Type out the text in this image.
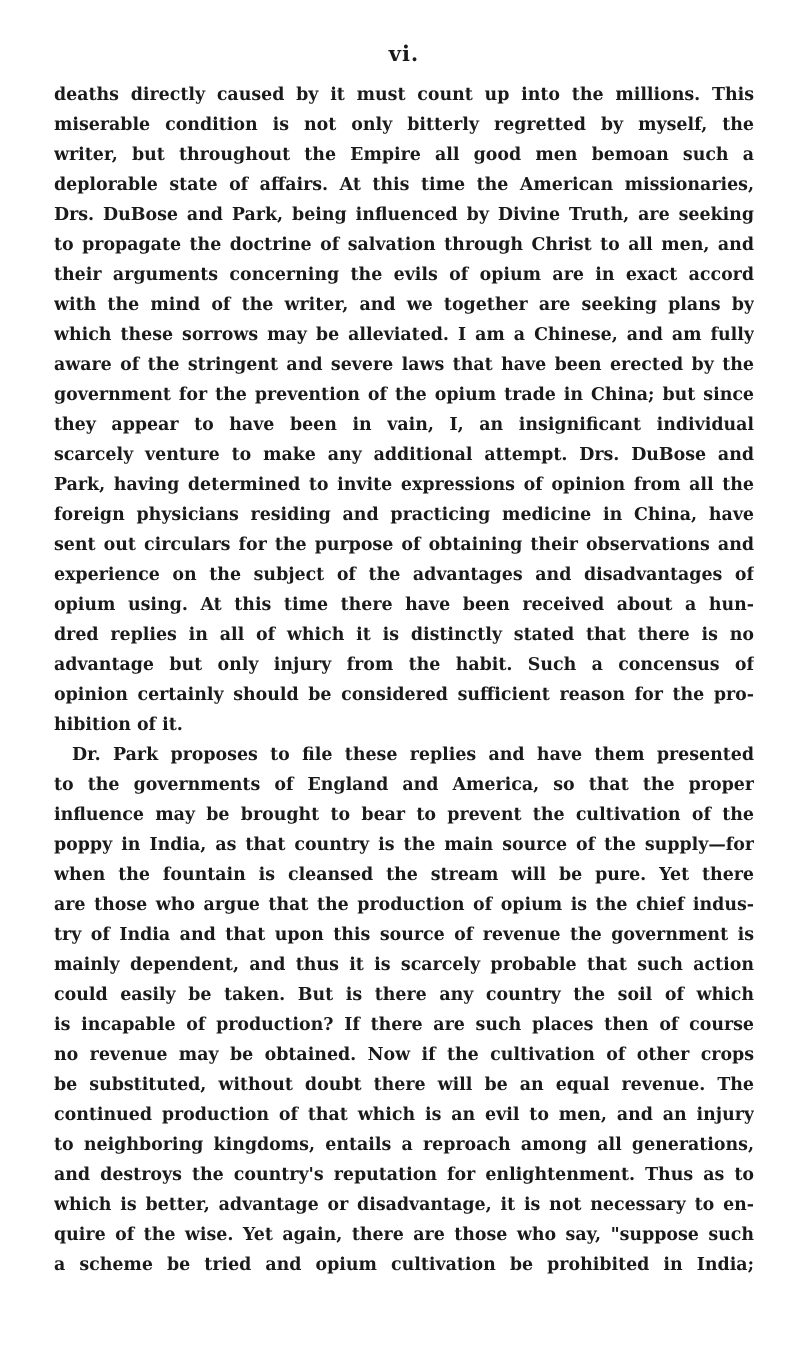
vi.
deaths directly caused by it must count up into the millions. This
miserable condition is not only bitterly regretted by myself, the
writer, but throughout the Empire all good men bemoan such a
deplorable state of affairs. At this time the American missionaries,
Drs. DuBose and Park, being influenced by Divine Truth, are seeking
to propagate the doctrine of salvation through Christ to all men, and
their arguments concerning the evils of opium are in exact accord
with the mind of the writer, and we together are seeking plans by
which these sorrows may be alleviated. I am a Chinese, and am fully
aware of the stringent and severe laws that have been erected by the
government for the prevention of the opium trade in China; but since
they appear to have been in vain, I, an insignificant individual
scarcely venture to make any additional attempt. Drs. DuBose and
Park, having determined to invite expressions of opinion from all the
foreign physicians residing and practicing medicine in China, have
sent out circulars for the purpose of obtaining their observations and
experience on the subject of the advantages and disadvantages of
opium using. At this time there have been received about a hun-
dred replies in all of which it is distinctly stated that there is no
advantage but only injury from the habit. Such a concensus of
opinion certainly should be considered sufficient reason for the pro-
hibition of it.
Dr. Park proposes to file these replies and have them presented
to the governments of England and America, so that the proper
influence may be brought to bear to prevent the cultivation of the
poppy in India, as that country is the main source of the supply—for
when the fountain is cleansed the stream will be pure. Yet there
are those who argue that the production of opium is the chief indus-
try of India and that upon this source of revenue the government is
mainly dependent, and thus it is scarcely probable that such action
could easily be taken. But is there any country the soil of which
is incapable of production? If there are such places then of course
no revenue may be obtained. Now if the cultivation of other crops
be substituted, without doubt there will be an equal revenue. The
continued production of that which is an evil to men, and an injury
to neighboring kingdoms, entails a reproach among all generations,
and destroys the country's reputation for enlightenment. Thus as to
which is better, advantage or disadvantage, it is not necessary to en-
quire of the wise. Yet again, there are those who say, "suppose such
a scheme be tried and opium cultivation be prohibited in India;
